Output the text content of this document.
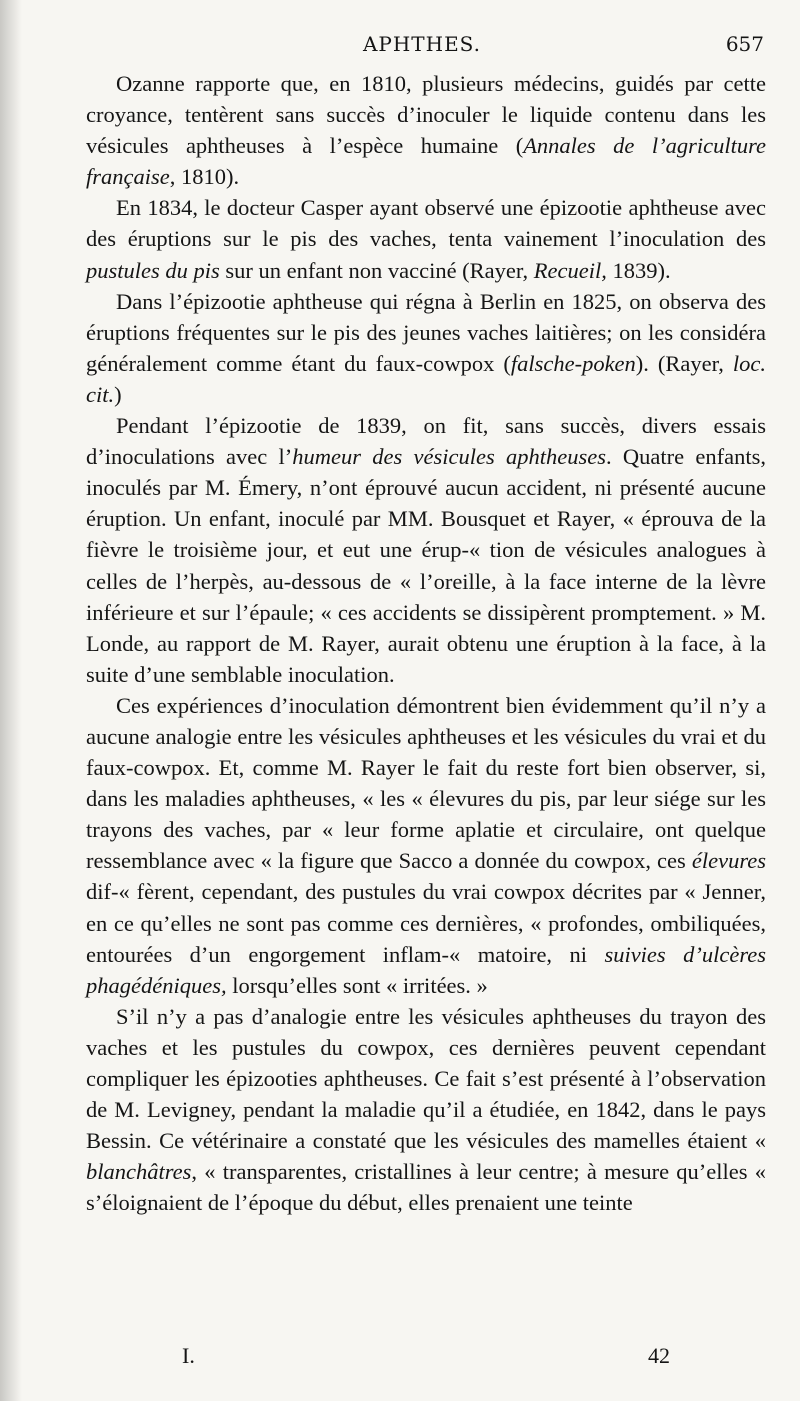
APHTHES.	657

Ozanne rapporte que, en 1810, plusieurs médecins, guidés par cette croyance, tentèrent sans succès d’inoculer le liquide contenu dans les vésicules aphtheuses à l’espèce humaine (Annales de l’agriculture française, 1810).

En 1834, le docteur Casper ayant observé une épizootie aphtheuse avec des éruptions sur le pis des vaches, tenta vainement l’inoculation des pustules du pis sur un enfant non vacciné (Rayer, Recueil, 1839).

Dans l’épizootie aphtheuse qui régna à Berlin en 1825, on observa des éruptions fréquentes sur le pis des jeunes vaches laitières; on les considéra généralement comme étant du faux-cowpox (falsche-poken). (Rayer, loc. cit.)

Pendant l’épizootie de 1839, on fit, sans succès, divers essais d’inoculations avec l’humeur des vésicules aphtheuses. Quatre enfants, inoculés par M. Émery, n’ont éprouvé aucun accident, ni présenté aucune éruption. Un enfant, inoculé par MM. Bousquet et Rayer, « éprouva de la fièvre le troisième jour, et eut une érup-« tion de vésicules analogues à celles de l’herpès, au-dessous de « l’oreille, à la face interne de la lèvre inférieure et sur l’épaule; « ces accidents se dissipèrent promptement. » M. Londe, au rapport de M. Rayer, aurait obtenu une éruption à la face, à la suite d’une semblable inoculation.

Ces expériences d’inoculation démontrent bien évidemment qu’il n’y a aucune analogie entre les vésicules aphtheuses et les vésicules du vrai et du faux-cowpox. Et, comme M. Rayer le fait du reste fort bien observer, si, dans les maladies aphtheuses, « les « élevures du pis, par leur siége sur les trayons des vaches, par « leur forme aplatie et circulaire, ont quelque ressemblance avec « la figure que Sacco a donnée du cowpox, ces élevures dif-« fèrent, cependant, des pustules du vrai cowpox décrites par « Jenner, en ce qu’elles ne sont pas comme ces dernières, « profondes, ombiliquées, entourées d’un engorgement inflam-« matoire, ni suivies d’ulcères phagédéniques, lorsqu’elles sont « irritées. »

S’il n’y a pas d’analogie entre les vésicules aphtheuses du trayon des vaches et les pustules du cowpox, ces dernières peuvent cependant compliquer les épizooties aphtheuses. Ce fait s’est présenté à l’observation de M. Levigney, pendant la maladie qu’il a étudiée, en 1842, dans le pays Bessin. Ce vétérinaire a constaté que les vésicules des mamelles étaient « blanchâtres, « transparentes, cristallines à leur centre; à mesure qu’elles « s’éloignaient de l’époque du début, elles prenaient une teinte

I.	42
